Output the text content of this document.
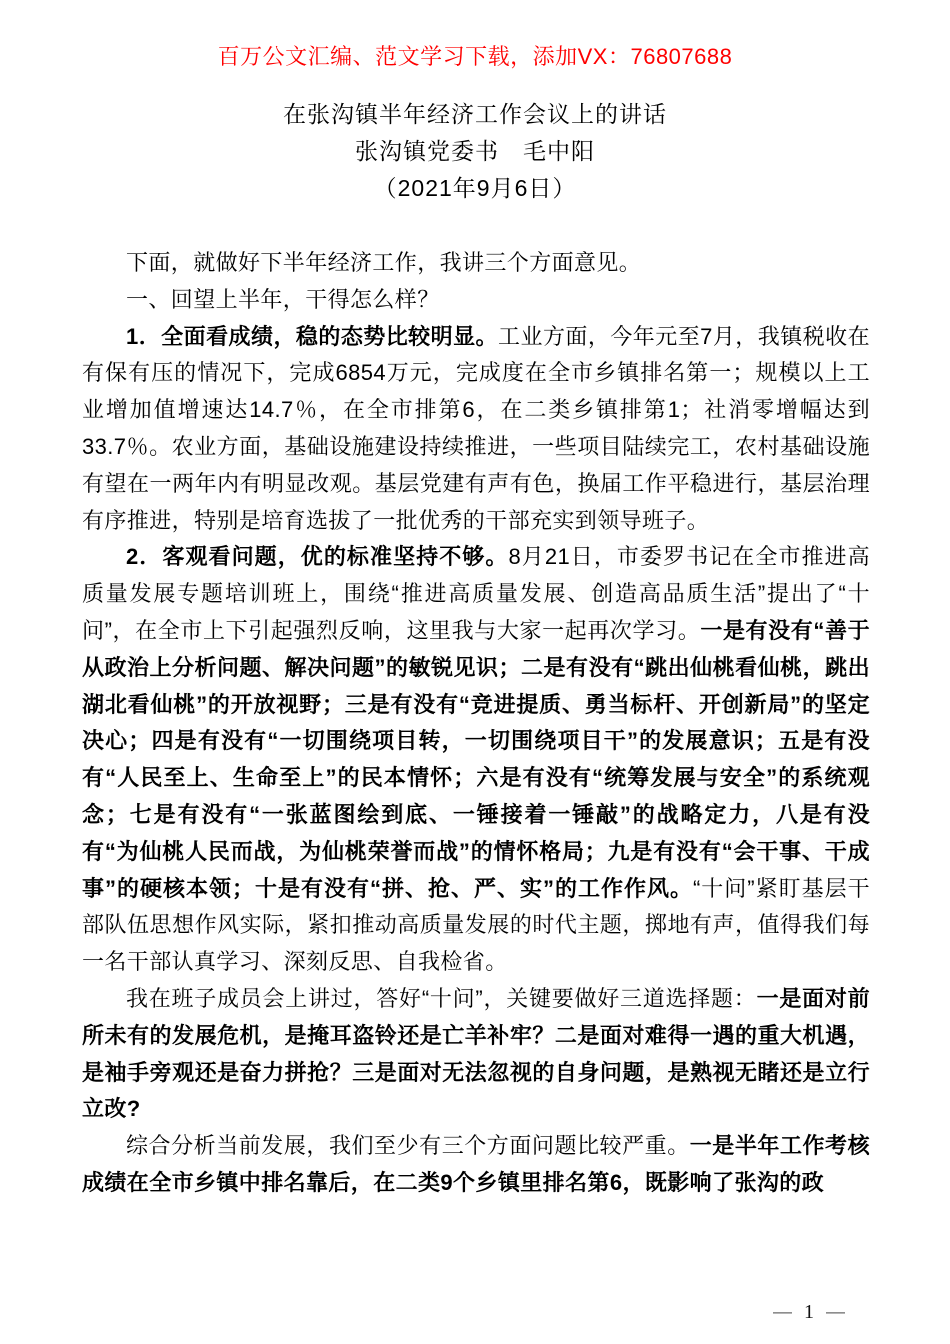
百万公文汇编、范文学习下载，添加VX：76807688
在张沟镇半年经济工作会议上的讲话
张沟镇党委书　毛中阳
（2021年9月6日）

下面，就做好下半年经济工作，我讲三个方面意见。

一、回望上半年，干得怎么样？

1．全面看成绩，稳的态势比较明显。工业方面，今年元至7月，我镇税收在有保有压的情况下，完成6854万元，完成度在全市乡镇排名第一；规模以上工业增加值增速达14.7％，在全市排第6，在二类乡镇排第1；社消零增幅达到33.7％。农业方面，基础设施建设持续推进，一些项目陆续完工，农村基础设施有望在一两年内有明显改观。基层党建有声有色，换届工作平稳进行，基层治理有序推进，特别是培育选拔了一批优秀的干部充实到领导班子。

2．客观看问题，优的标准坚持不够。8月21日，市委罗书记在全市推进高质量发展专题培训班上，围绕“推进高质量发展、创造高品质生活”提出了“十问”，在全市上下引起强烈反响，这里我与大家一起再次学习。一是有没有“善于从政治上分析问题、解决问题”的敏锐见识；二是有没有“跳出仙桃看仙桃，跳出湖北看仙桃”的开放视野；三是有没有“竞进提质、勇当标杆、开创新局”的坚定决心；四是有没有“一切围绕项目转，一切围绕项目干”的发展意识；五是有没有“人民至上、生命至上”的民本情怀；六是有没有“统筹发展与安全”的系统观念；七是有没有“一张蓝图绘到底、一锤接着一锤敲”的战略定力，八是有没有“为仙桃人民而战，为仙桃荣誉而战”的情怀格局；九是有没有“会干事、干成事”的硬核本领；十是有没有“拼、抢、严、实”的工作作风。“十问”紧盯基层干部队伍思想作风实际，紧扣推动高质量发展的时代主题，掷地有声，值得我们每一名干部认真学习、深刻反思、自我检省。

我在班子成员会上讲过，答好“十问”，关键要做好三道选择题：一是面对前所未有的发展危机，是掩耳盗铃还是亡羊补牢？二是面对难得一遇的重大机遇，是袖手旁观还是奋力拼抢？三是面对无法忽视的自身问题，是熟视无睹还是立行立改?

综合分析当前发展，我们至少有三个方面问题比较严重。一是半年工作考核成绩在全市乡镇中排名靠后，在二类9个乡镇里排名第6，既影响了张沟的政

— 1 —
